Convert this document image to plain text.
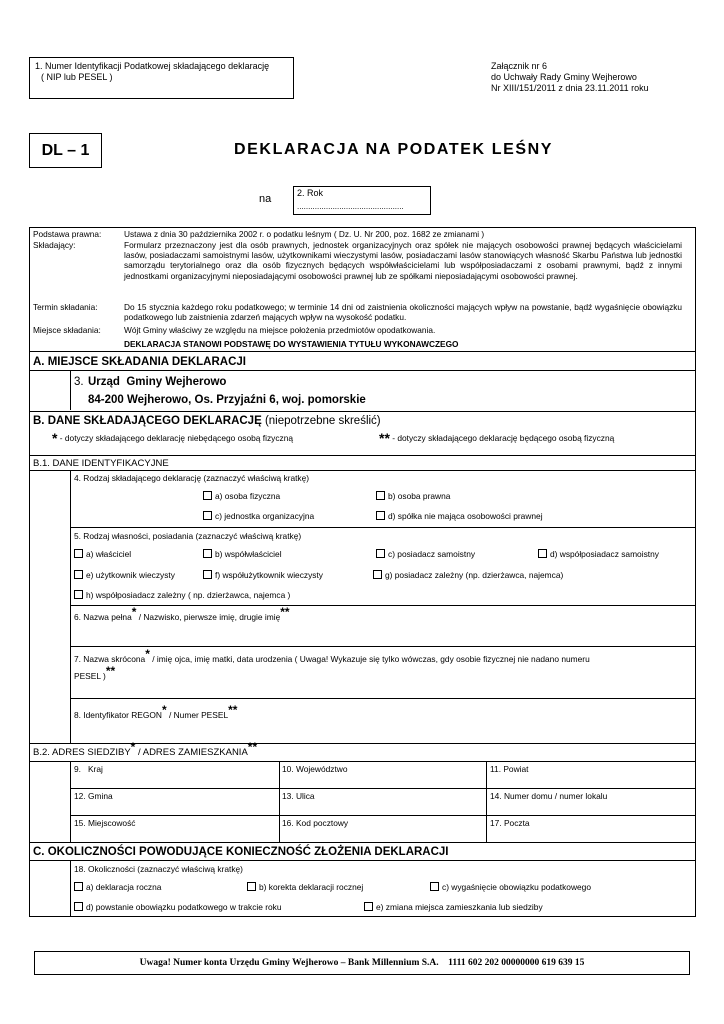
1. Numer Identyfikacji Podatkowej składającego deklarację
( NIP lub PESEL )
Załącznik nr 6
do Uchwały Rady Gminy Wejherowo
Nr XIII/151/2011 z dnia 23.11.2011 roku
DL – 1	DEKLARACJA NA PODATEK LEŚNY
na	2. Rok
................................................
Podstawa prawna:	Ustawa z dnia 30 października 2002 r. o podatku leśnym ( Dz. U. Nr 200, poz. 1682 ze zmianami )
Składający:	Formularz przeznaczony jest dla osób prawnych, jednostek organizacyjnych oraz spółek nie mających osobowości prawnej będących właścicielami lasów, posiadaczami samoistnymi lasów, użytkownikami wieczystymi lasów, posiadaczami lasów stanowiących własność Skarbu Państwa lub jednostki samorządu terytorialnego oraz dla osób fizycznych będących współwłaścicielami lub współposiadaczami z osobami prawnymi, bądź z innymi jednostkami organizacyjnymi nieposiadającymi osobowości prawnej lub ze spółkami nieposiadającymi osobowości prawnej.
Termin składania:	Do 15 stycznia każdego roku podatkowego; w terminie 14 dni od zaistnienia okoliczności mających wpływ na powstanie, bądź wygaśnięcie obowiązku podatkowego lub zaistnienia zdarzeń mających wpływ na wysokość podatku.
Miejsce składania:	Wójt Gminy właściwy ze względu na miejsce położenia przedmiotów opodatkowania.
DEKLARACJA STANOWI PODSTAWĘ DO WYSTAWIENIA TYTUŁU WYKONAWCZEGO
A. MIEJSCE SKŁADANIA DEKLARACJI
3. Urząd  Gminy Wejherowo
84-200 Wejherowo, Os. Przyjaźni 6, woj. pomorskie
B. DANE SKŁADAJĄCEGO DEKLARACJĘ (niepotrzebne skreślić)
* - dotyczy składającego deklarację niebędącego osobą fizyczną	** - dotyczy składającego deklarację będącego osobą fizyczną
B.1. DANE IDENTYFIKACYJNE
4. Rodzaj składającego deklarację (zaznaczyć właściwą kratkę)
a) osoba fizyczna	b) osoba prawna
c) jednostka organizacyjna	d) spółka nie mająca osobowości prawnej
5. Rodzaj własności, posiadania (zaznaczyć właściwą kratkę)
a) właściciel	b) współwłaściciel	c) posiadacz samoistny	d) współposiadacz samoistny
e) użytkownik wieczysty	f) współużytkownik wieczysty	g) posiadacz zależny (np. dzierżawca, najemca)
h) współposiadacz zależny ( np. dzierżawca, najemca )
6. Nazwa pełna* / Nazwisko, pierwsze imię, drugie imię**
7. Nazwa skrócona* / imię ojca, imię matki, data urodzenia ( Uwaga! Wykazuje się tylko wówczas, gdy osobie fizycznej nie nadano numeru
PESEL )**
8. Identyfikator REGON* / Numer PESEL**
B.2. ADRES SIEDZIBY* / ADRES ZAMIESZKANIA**
9.   Kraj	10. Województwo	11. Powiat
12. Gmina	13. Ulica	14. Numer domu / numer lokalu
15. Miejscowość	16. Kod pocztowy	17. Poczta
C. OKOLICZNOŚCI POWODUJĄCE KONIECZNOŚĆ ZŁOŻENIA DEKLARACJI
18. Okoliczności (zaznaczyć właściwą kratkę)
a) deklaracja roczna	b) korekta deklaracji rocznej	c) wygaśnięcie obowiązku podatkowego
d) powstanie obowiązku podatkowego w trakcie roku	e) zmiana miejsca zamieszkania lub siedziby
Uwaga! Numer konta Urzędu Gminy Wejherowo – Bank Millennium S.A.    1111 602 202 00000000 619 639 15
